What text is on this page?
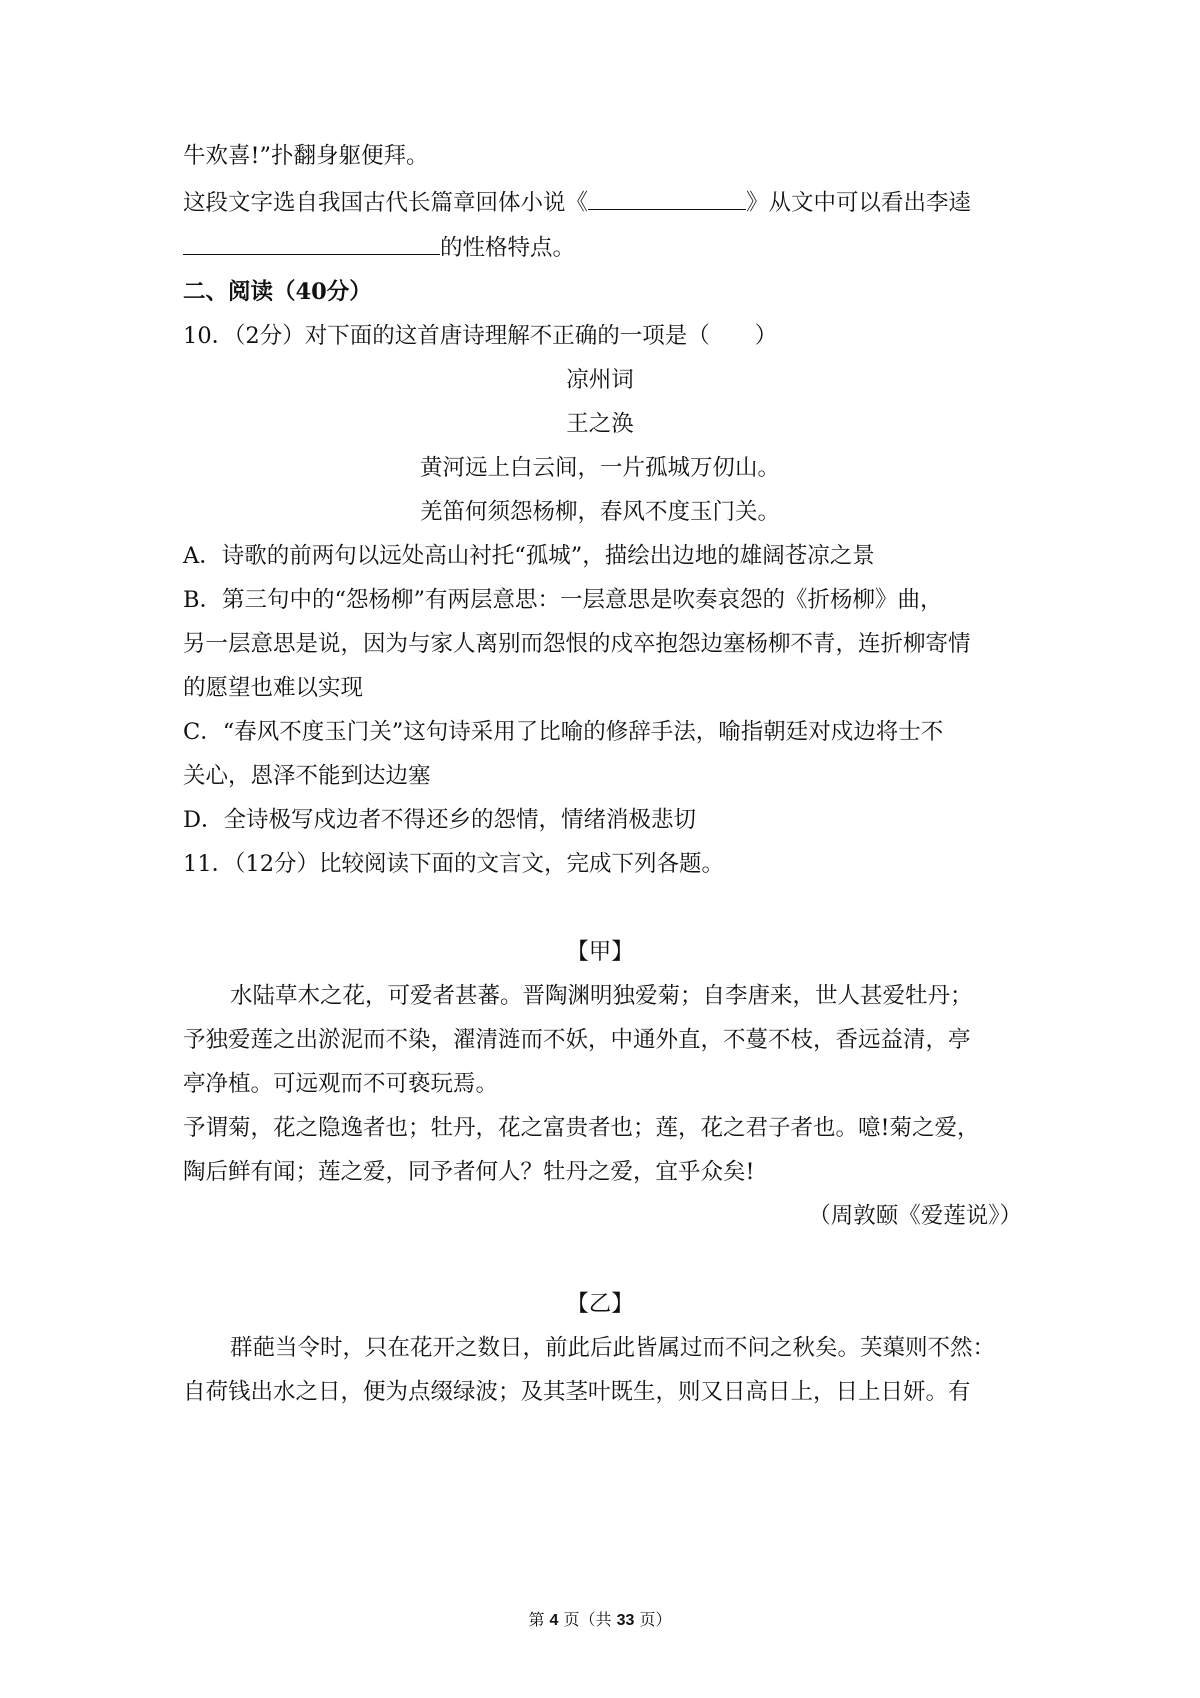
牛欢喜!”扑翻身躯便拜。
这段文字选自我国古代长篇章回体小说《	》从文中可以看出李逵
的性格特点。
二、阅读（40分）
10．（2分）对下面的这首唐诗理解不正确的一项是（　　）
凉州词
王之涣
黄河远上白云间，一片孤城万仞山。
羌笛何须怨杨柳，春风不度玉门关。
A．诗歌的前两句以远处高山衬托“孤城”，描绘出边地的雄阔苍凉之景
B．第三句中的“怨杨柳”有两层意思：一层意思是吹奏哀怨的《折杨柳》曲，
另一层意思是说，因为与家人离别而怨恨的戍卒抱怨边塞杨柳不青，连折柳寄情
的愿望也难以实现
C．“春风不度玉门关”这句诗采用了比喻的修辞手法，喻指朝廷对戍边将士不
关心，恩泽不能到达边塞
D．全诗极写戍边者不得还乡的怨情，情绪消极悲切
11．（12分）比较阅读下面的文言文，完成下列各题。
【甲】
水陆草木之花，可爱者甚蕃。晋陶渊明独爱菊；自李唐来，世人甚爱牡丹；
予独爱莲之出淤泥而不染，濯清涟而不妖，中通外直，不蔓不枝，香远益清，亭
亭净植。可远观而不可亵玩焉。
予谓菊，花之隐逸者也；牡丹，花之富贵者也；莲，花之君子者也。噫!菊之爱，
陶后鲜有闻；莲之爱，同予者何人？牡丹之爱，宜乎众矣!
（周敦颐《爱莲说》）
【乙】
群葩当令时，只在花开之数日，前此后此皆属过而不问之秋矣。芙蕖则不然：
自荷钱出水之日，便为点缀绿波；及其茎叶既生，则又日高日上，日上日妍。有
第 4 页（共 33 页）
